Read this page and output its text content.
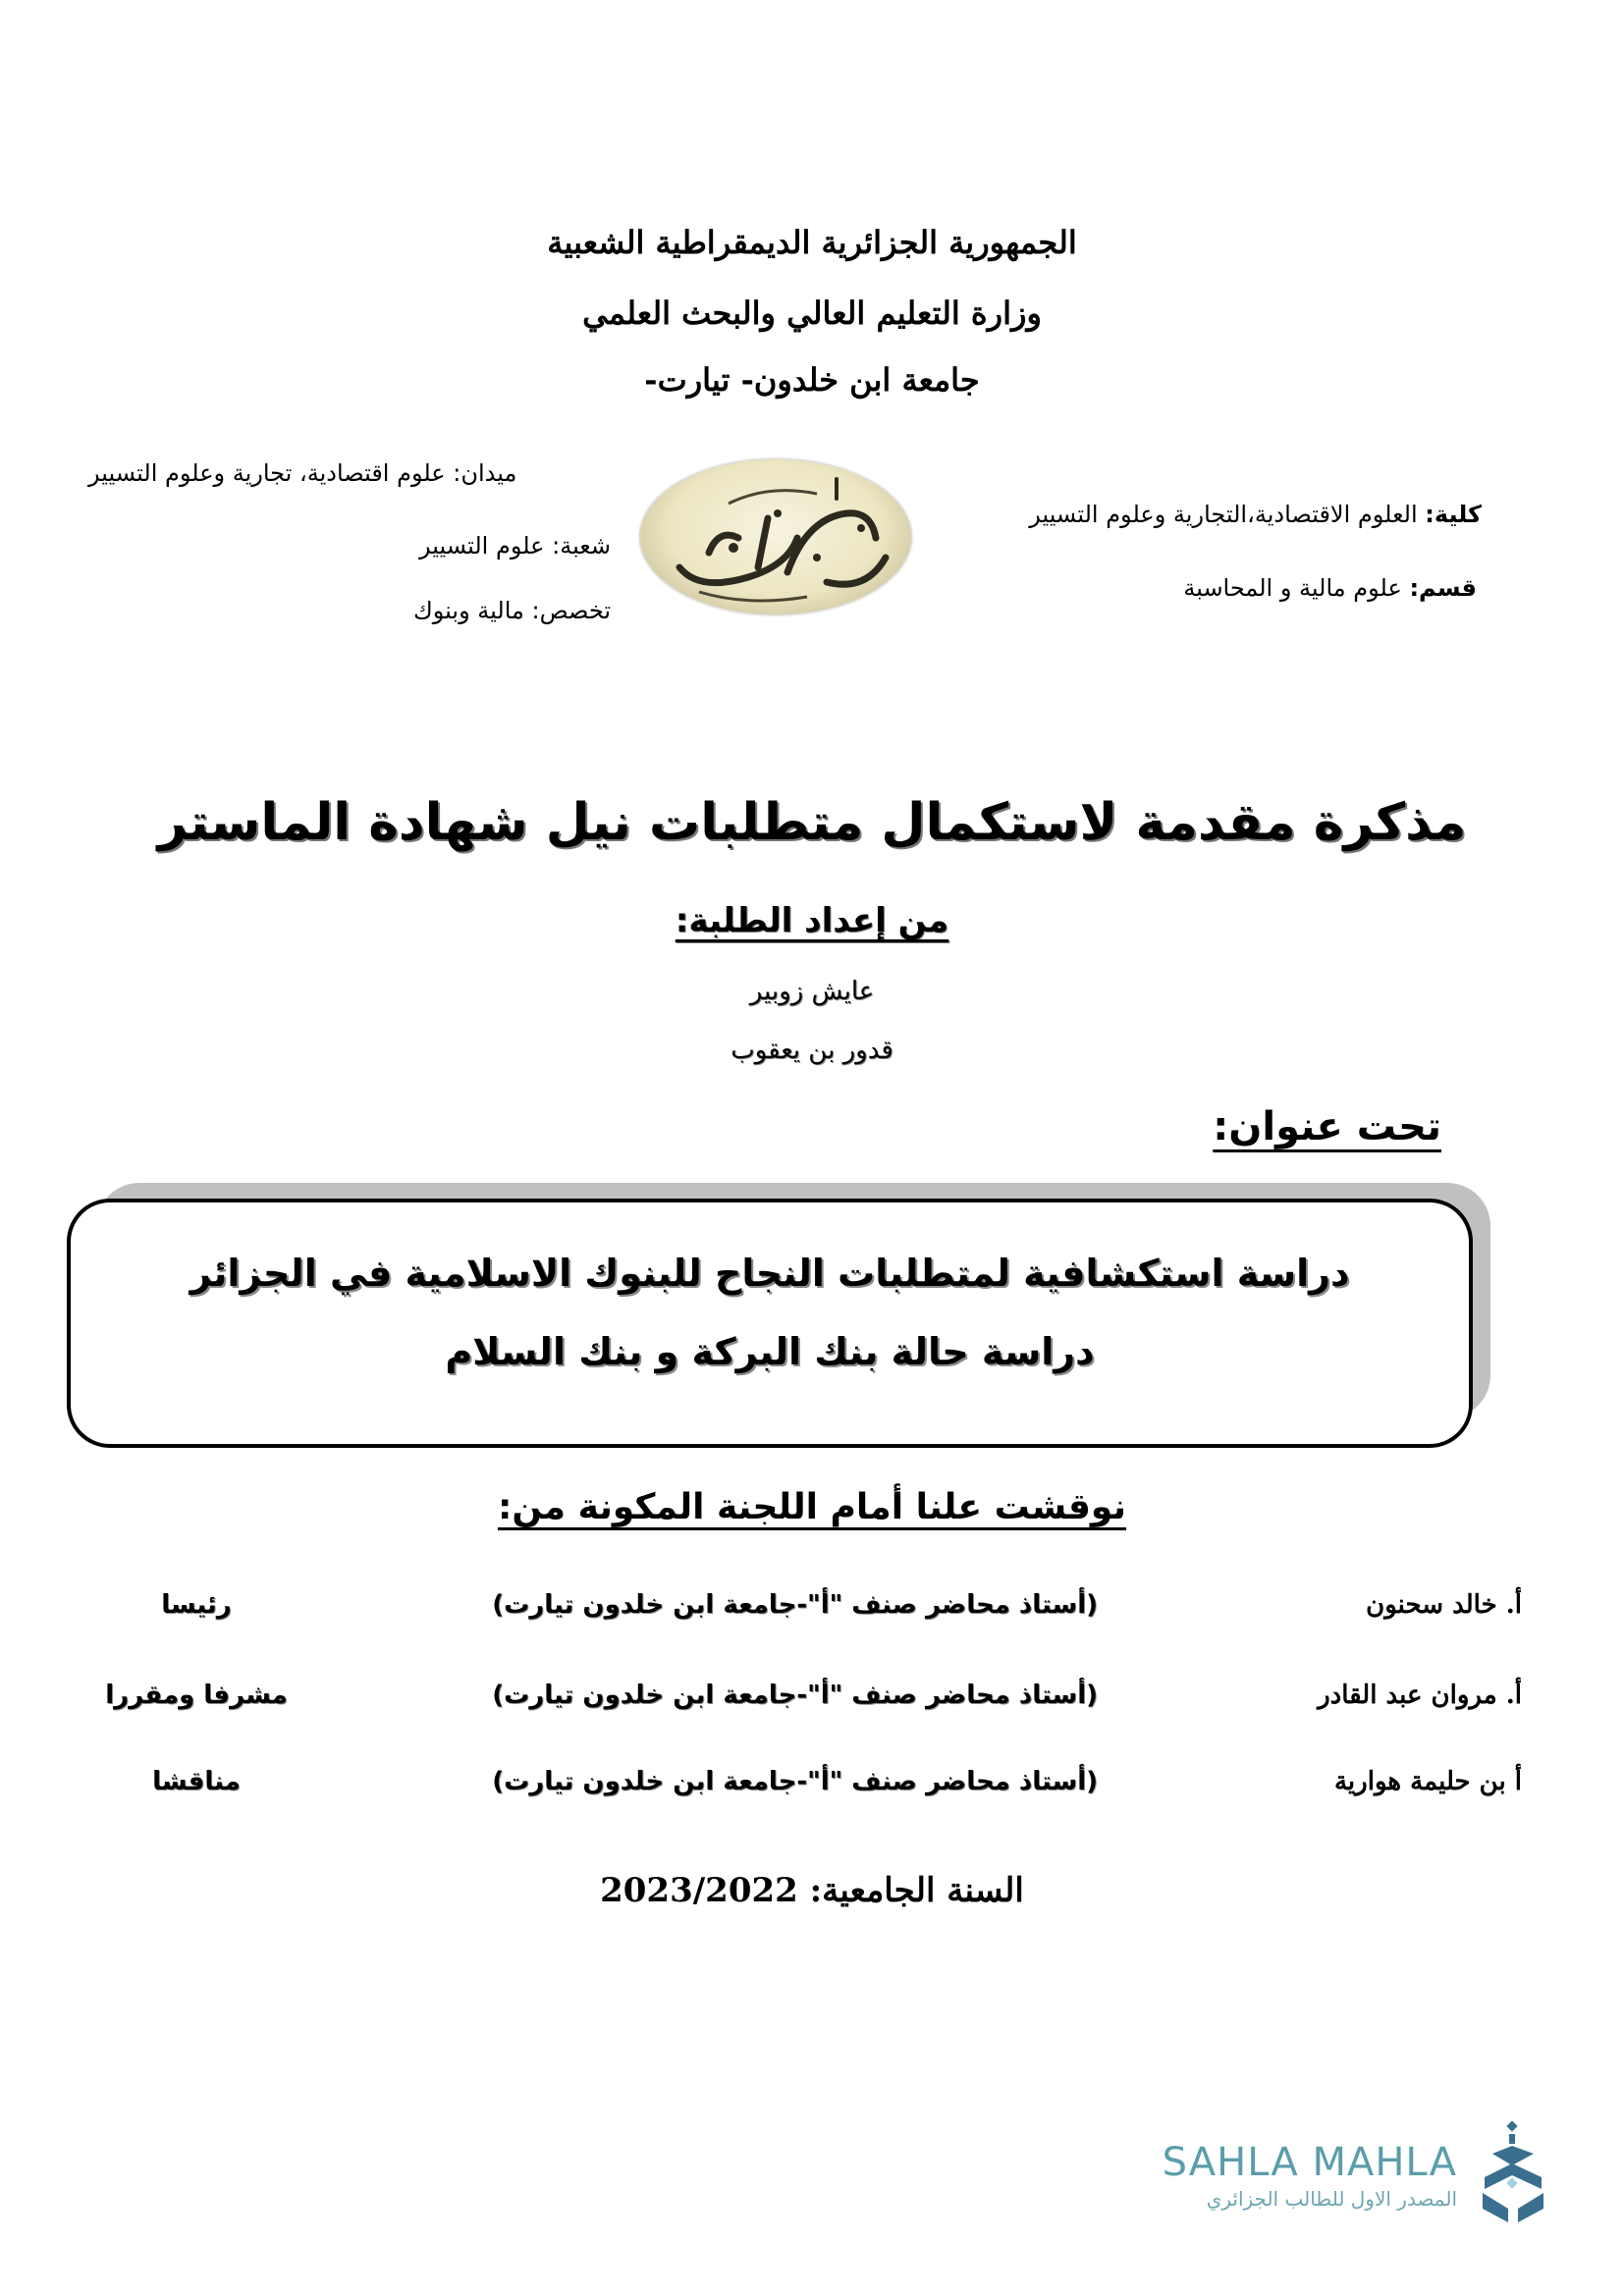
الجمهورية الجزائرية الديمقراطية الشعبية
وزارة التعليم العالي والبحث العلمي
جامعة ابن خلدون- تيارت-
كلية: العلوم الاقتصادية،التجارية وعلوم التسيير
قسم: علوم مالية و المحاسبة
ميدان: علوم اقتصادية، تجارية وعلوم التسيير
شعبة: علوم التسيير
تخصص: مالية وبنوك
مذكرة مقدمة لاستكمال متطلبات نيل شهادة الماستر
من إعداد الطلبة:
عايش زوبير
قدور بن يعقوب
تحت عنوان:
دراسة استكشافية لمتطلبات النجاح للبنوك الاسلامية في الجزائر
دراسة حالة بنك البركة و بنك السلام
نوقشت علنا أمام اللجنة المكونة من:
أ. خالد سحنون
(أستاذ محاضر صنف "أ"-جامعة ابن خلدون تيارت)
رئيسا
أ. مروان عبد القادر
(أستاذ محاضر صنف "أ"-جامعة ابن خلدون تيارت)
مشرفا ومقررا
أ بن حليمة هوارية
(أستاذ محاضر صنف "أ"-جامعة ابن خلدون تيارت)
مناقشا
السنة الجامعية: 2023/2022
SAHLA MAHLA
المصدر الاول للطالب الجزائري
